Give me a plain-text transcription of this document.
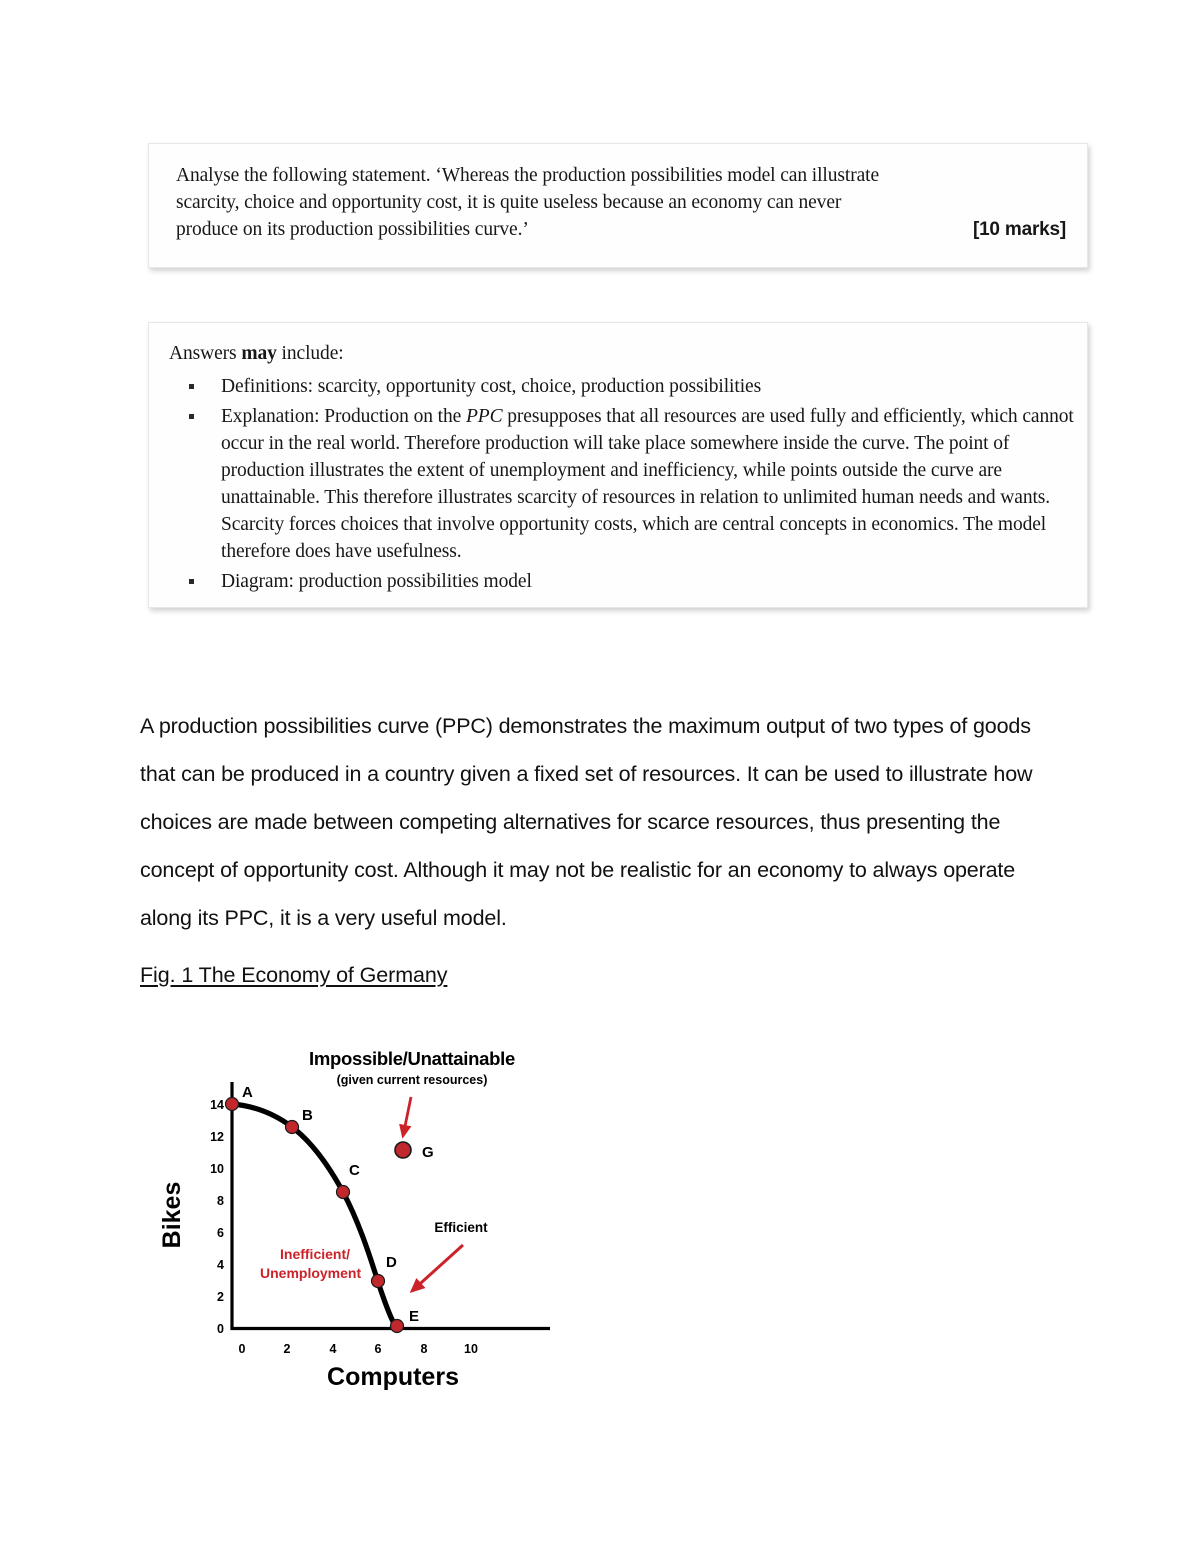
Analyse the following statement. ‘Whereas the production possibilities model can illustrate
scarcity, choice and opportunity cost, it is quite useless because an economy can never
produce on its production possibilities curve.’	[10 marks]

Answers may include:

Definitions: scarcity, opportunity cost, choice, production possibilities
Explanation: Production on the PPC presupposes that all resources are used fully and efficiently, which cannot occur in the real world. Therefore production will take place somewhere inside the curve. The point of production illustrates the extent of unemployment and inefficiency, while points outside the curve are unattainable. This therefore illustrates scarcity of resources in relation to unlimited human needs and wants. Scarcity forces choices that involve opportunity costs, which are central concepts in economics. The model therefore does have usefulness.
Diagram: production possibilities model
A production possibilities curve (PPC) demonstrates the maximum output of two types of goods that can be produced in a country given a fixed set of resources. It can be used to illustrate how choices are made between competing alternatives for scarce resources, thus presenting the concept of opportunity cost. Although it may not be realistic for an economy to always operate along its PPC, it is a very useful model.
Fig. 1 The Economy of Germany
0
2
4
6
8
10
12
14
0	2	4	6	8	10
Bikes
Computers
A
B
C
D
E
G
Impossible/Unattainable
(given current resources)
Efficient
Inefficient/
Unemployment
